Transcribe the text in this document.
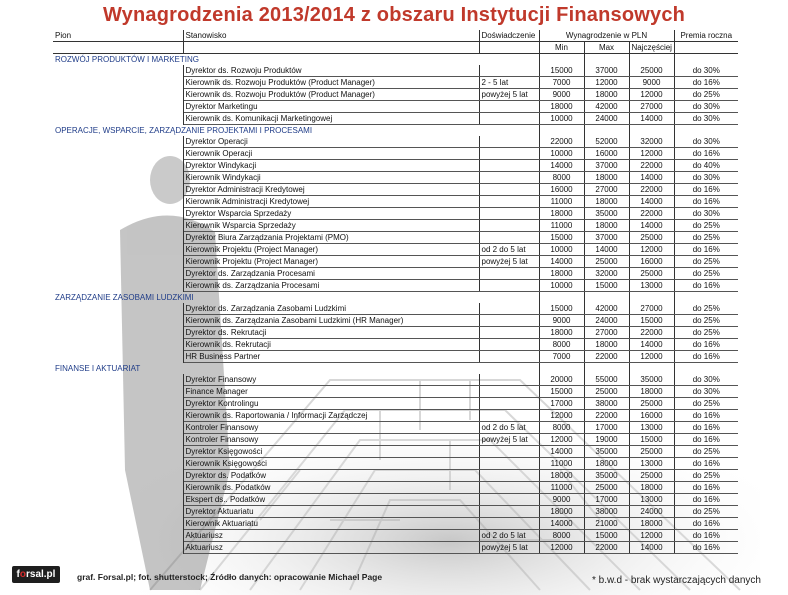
Wynagrodzenia 2013/2014 z obszaru Instytucji Finansowych
Pion	Stanowisko	Doświadczenie	Wynagrodzenie w PLN			Premia roczna
			Min	Max	Najczęściej	
ROZWÓJ PRODUKTÓW I MARKETING						
	Dyrektor ds. Rozwoju Produktów		15000	37000	25000	do 30%
	Kierownik ds. Rozwoju Produktów (Product Manager)	2 - 5 lat	7000	12000	9000	do 16%
	Kierownik ds. Rozwoju Produktów (Product Manager)	powyżej 5 lat	9000	18000	12000	do 25%
	Dyrektor Marketingu		18000	42000	27000	do 30%
	Kierownik ds. Komunikacji Marketingowej		10000	24000	14000	do 30%
OPERACJE, WSPARCIE, ZARZĄDZANIE PROJEKTAMI I PROCESAMI						
	Dyrektor Operacji		22000	52000	32000	do 30%
	Kierownik Operacji		10000	16000	12000	do 16%
	Dyrektor Windykacji		14000	37000	22000	do 40%
	Kierownik Windykacji		8000	18000	14000	do 30%
	Dyrektor Administracji Kredytowej		16000	27000	22000	do 16%
	Kierownik Administracji Kredytowej		11000	18000	14000	do 16%
	Dyrektor Wsparcia Sprzedaży		18000	35000	22000	do 30%
	Kierownik Wsparcia Sprzedaży		11000	18000	14000	do 25%
	Dyrektor Biura Zarządzania Projektami (PMO)		15000	37000	25000	do 25%
	Kierownik Projektu (Project Manager)	od 2 do 5 lat	10000	14000	12000	do 16%
	Kierownik Projektu (Project Manager)	powyżej 5 lat	14000	25000	16000	do 25%
	Dyrektor ds. Zarządzania Procesami		18000	32000	25000	do 25%
	Kierownik ds. Zarządzania Procesami		10000	15000	13000	do 16%
ZARZĄDZANIE ZASOBAMI LUDZKIMI						
	Dyrektor ds. Zarządzania Zasobami Ludzkimi		15000	42000	27000	do 25%
	Kierownik ds. Zarządzania Zasobami Ludzkimi (HR Manager)		9000	24000	15000	do 25%
	Dyrektor ds. Rekrutacji		18000	27000	22000	do 25%
	Kierownik ds. Rekrutacji		8000	18000	14000	do 16%
	HR Business Partner		7000	22000	12000	do 16%
FINANSE I AKTUARIAT						
	Dyrektor Finansowy		20000	55000	35000	do 30%
	Finance Manager		15000	25000	18000	do 30%
	Dyrektor Kontrolingu		17000	38000	25000	do 25%
	Kierownik ds. Raportowania / Informacji Zarządczej		12000	22000	16000	do 16%
	Kontroler Finansowy	od 2 do 5 lat	8000	17000	13000	do 16%
	Kontroler Finansowy	powyżej 5 lat	12000	19000	15000	do 16%
	Dyrektor Księgowości		14000	35000	25000	do 25%
	Kierownik Księgowości		11000	18000	13000	do 16%
	Dyrektor ds. Podatków		18000	35000	25000	do 25%
	Kierownik ds. Podatków		11000	25000	18000	do 16%
	Ekspert ds.. Podatków		9000	17000	13000	do 16%
	Dyrektor Aktuariatu		18000	38000	24000	do 25%
	Kierownik Aktuariatu		14000	21000	18000	do 16%
	Aktuariusz	od 2 do 5 lat	8000	15000	12000	do 16%
	Aktuariusz	powyżej 5 lat	12000	22000	14000	do 16%
forsal.pl	graf. Forsal.pl; fot. shutterstock; Źródło danych: opracowanie Michael Page	* b.w.d - brak wystarczających danych
